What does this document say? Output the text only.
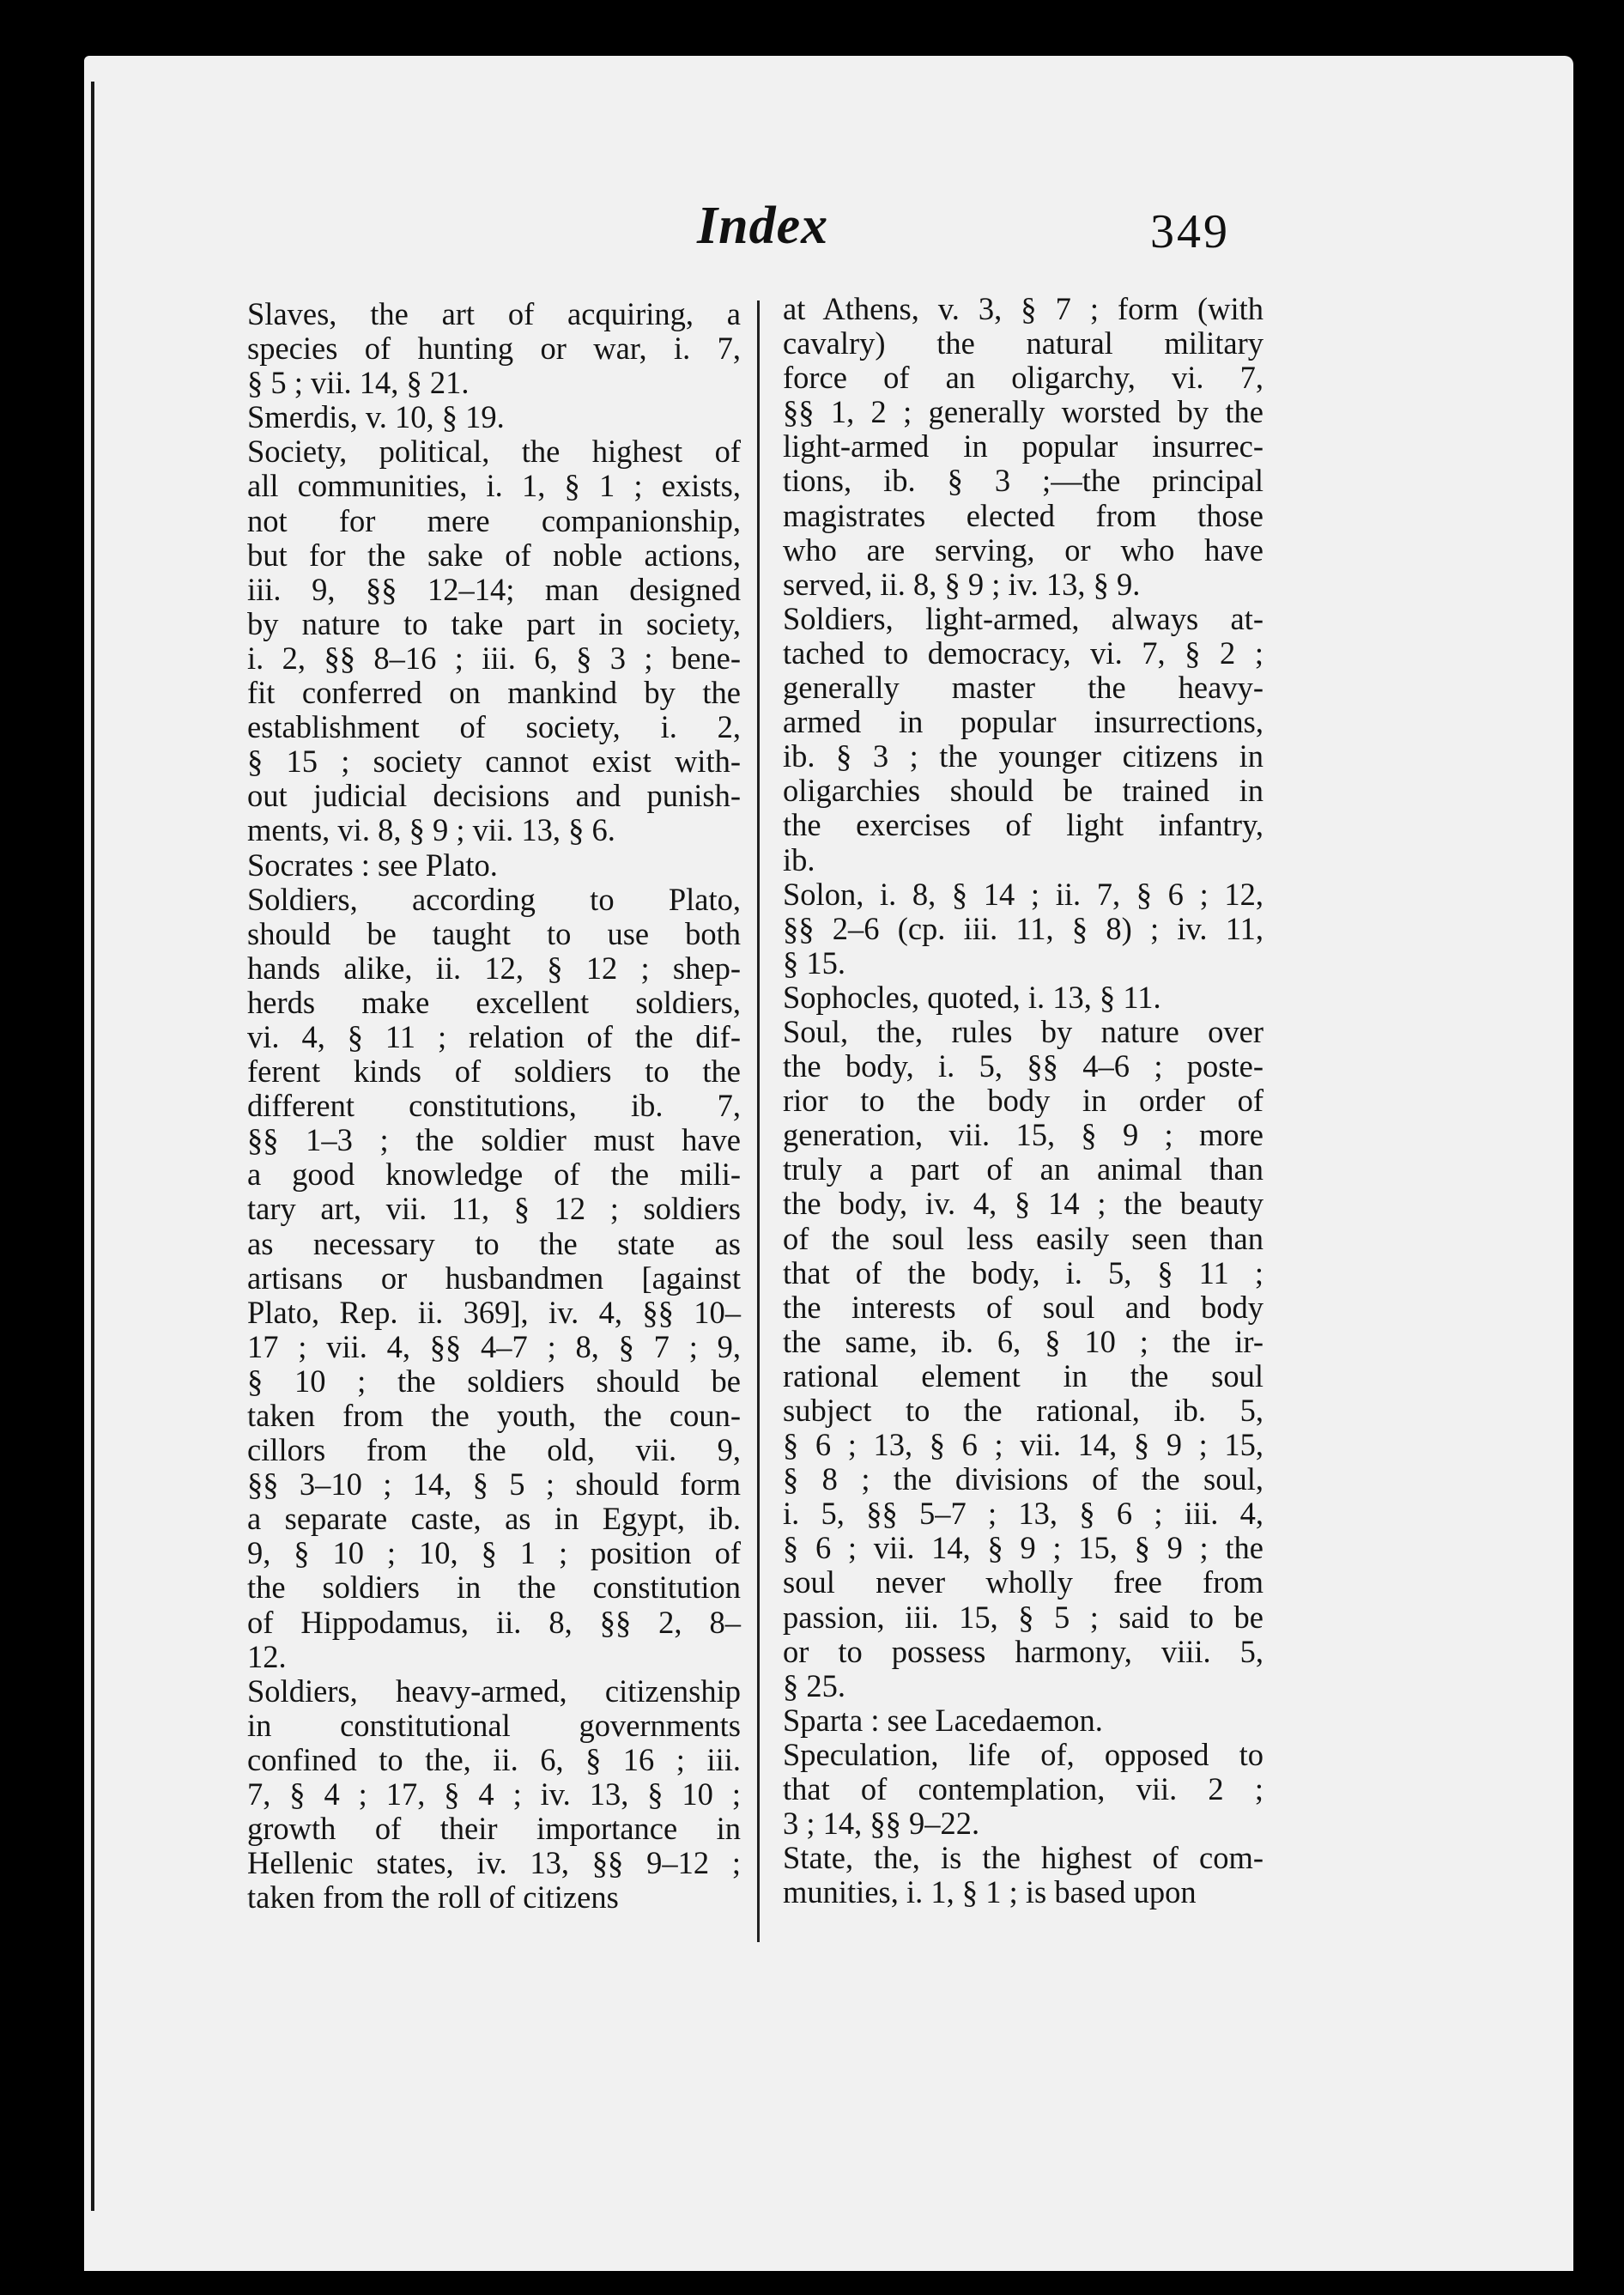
Index	349
Slaves, the art of acquiring, a
species of hunting or war, i. 7,
§ 5 ; vii. 14, § 21.
Smerdis, v. 10, § 19.
Society, political, the highest of
all communities, i. 1, § 1 ; exists,
not for mere companionship,
but for the sake of noble actions,
iii. 9, §§ 12–14; man designed
by nature to take part in society,
i. 2, §§ 8–16 ; iii. 6, § 3 ; bene-
fit conferred on mankind by the
establishment of society, i. 2,
§ 15 ; society cannot exist with-
out judicial decisions and punish-
ments, vi. 8, § 9 ; vii. 13, § 6.
Socrates : see Plato.
Soldiers, according to Plato,
should be taught to use both
hands alike, ii. 12, § 12 ; shep-
herds make excellent soldiers,
vi. 4, § 11 ; relation of the dif-
ferent kinds of soldiers to the
different constitutions, ib. 7,
§§ 1–3 ; the soldier must have
a good knowledge of the mili-
tary art, vii. 11, § 12 ; soldiers
as necessary to the state as
artisans or husbandmen [against
Plato, Rep. ii. 369], iv. 4, §§ 10–
17 ; vii. 4, §§ 4–7 ; 8, § 7 ; 9,
§ 10 ; the soldiers should be
taken from the youth, the coun-
cillors from the old, vii. 9,
§§ 3–10 ; 14, § 5 ; should form
a separate caste, as in Egypt, ib.
9, § 10 ; 10, § 1 ; position of
the soldiers in the constitution
of Hippodamus, ii. 8, §§ 2, 8–
12.
Soldiers, heavy-armed, citizenship
in constitutional governments
confined to the, ii. 6, § 16 ; iii.
7, § 4 ; 17, § 4 ; iv. 13, § 10 ;
growth of their importance in
Hellenic states, iv. 13, §§ 9–12 ;
taken from the roll of citizens
at Athens, v. 3, § 7 ; form (with
cavalry) the natural military
force of an oligarchy, vi. 7,
§§ 1, 2 ; generally worsted by the
light-armed in popular insurrec-
tions, ib. § 3 ;—the principal
magistrates elected from those
who are serving, or who have
served, ii. 8, § 9 ; iv. 13, § 9.
Soldiers, light-armed, always at-
tached to democracy, vi. 7, § 2 ;
generally master the heavy-
armed in popular insurrections,
ib. § 3 ; the younger citizens in
oligarchies should be trained in
the exercises of light infantry,
ib.
Solon, i. 8, § 14 ; ii. 7, § 6 ; 12,
§§ 2–6 (cp. iii. 11, § 8) ; iv. 11,
§ 15.
Sophocles, quoted, i. 13, § 11.
Soul, the, rules by nature over
the body, i. 5, §§ 4–6 ; poste-
rior to the body in order of
generation, vii. 15, § 9 ; more
truly a part of an animal than
the body, iv. 4, § 14 ; the beauty
of the soul less easily seen than
that of the body, i. 5, § 11 ;
the interests of soul and body
the same, ib. 6, § 10 ; the ir-
rational element in the soul
subject to the rational, ib. 5,
§ 6 ; 13, § 6 ; vii. 14, § 9 ; 15,
§ 8 ; the divisions of the soul,
i. 5, §§ 5–7 ; 13, § 6 ; iii. 4,
§ 6 ; vii. 14, § 9 ; 15, § 9 ; the
soul never wholly free from
passion, iii. 15, § 5 ; said to be
or to possess harmony, viii. 5,
§ 25.
Sparta : see Lacedaemon.
Speculation, life of, opposed to
that of contemplation, vii. 2 ;
3 ; 14, §§ 9–22.
State, the, is the highest of com-
munities, i. 1, § 1 ; is based upon
